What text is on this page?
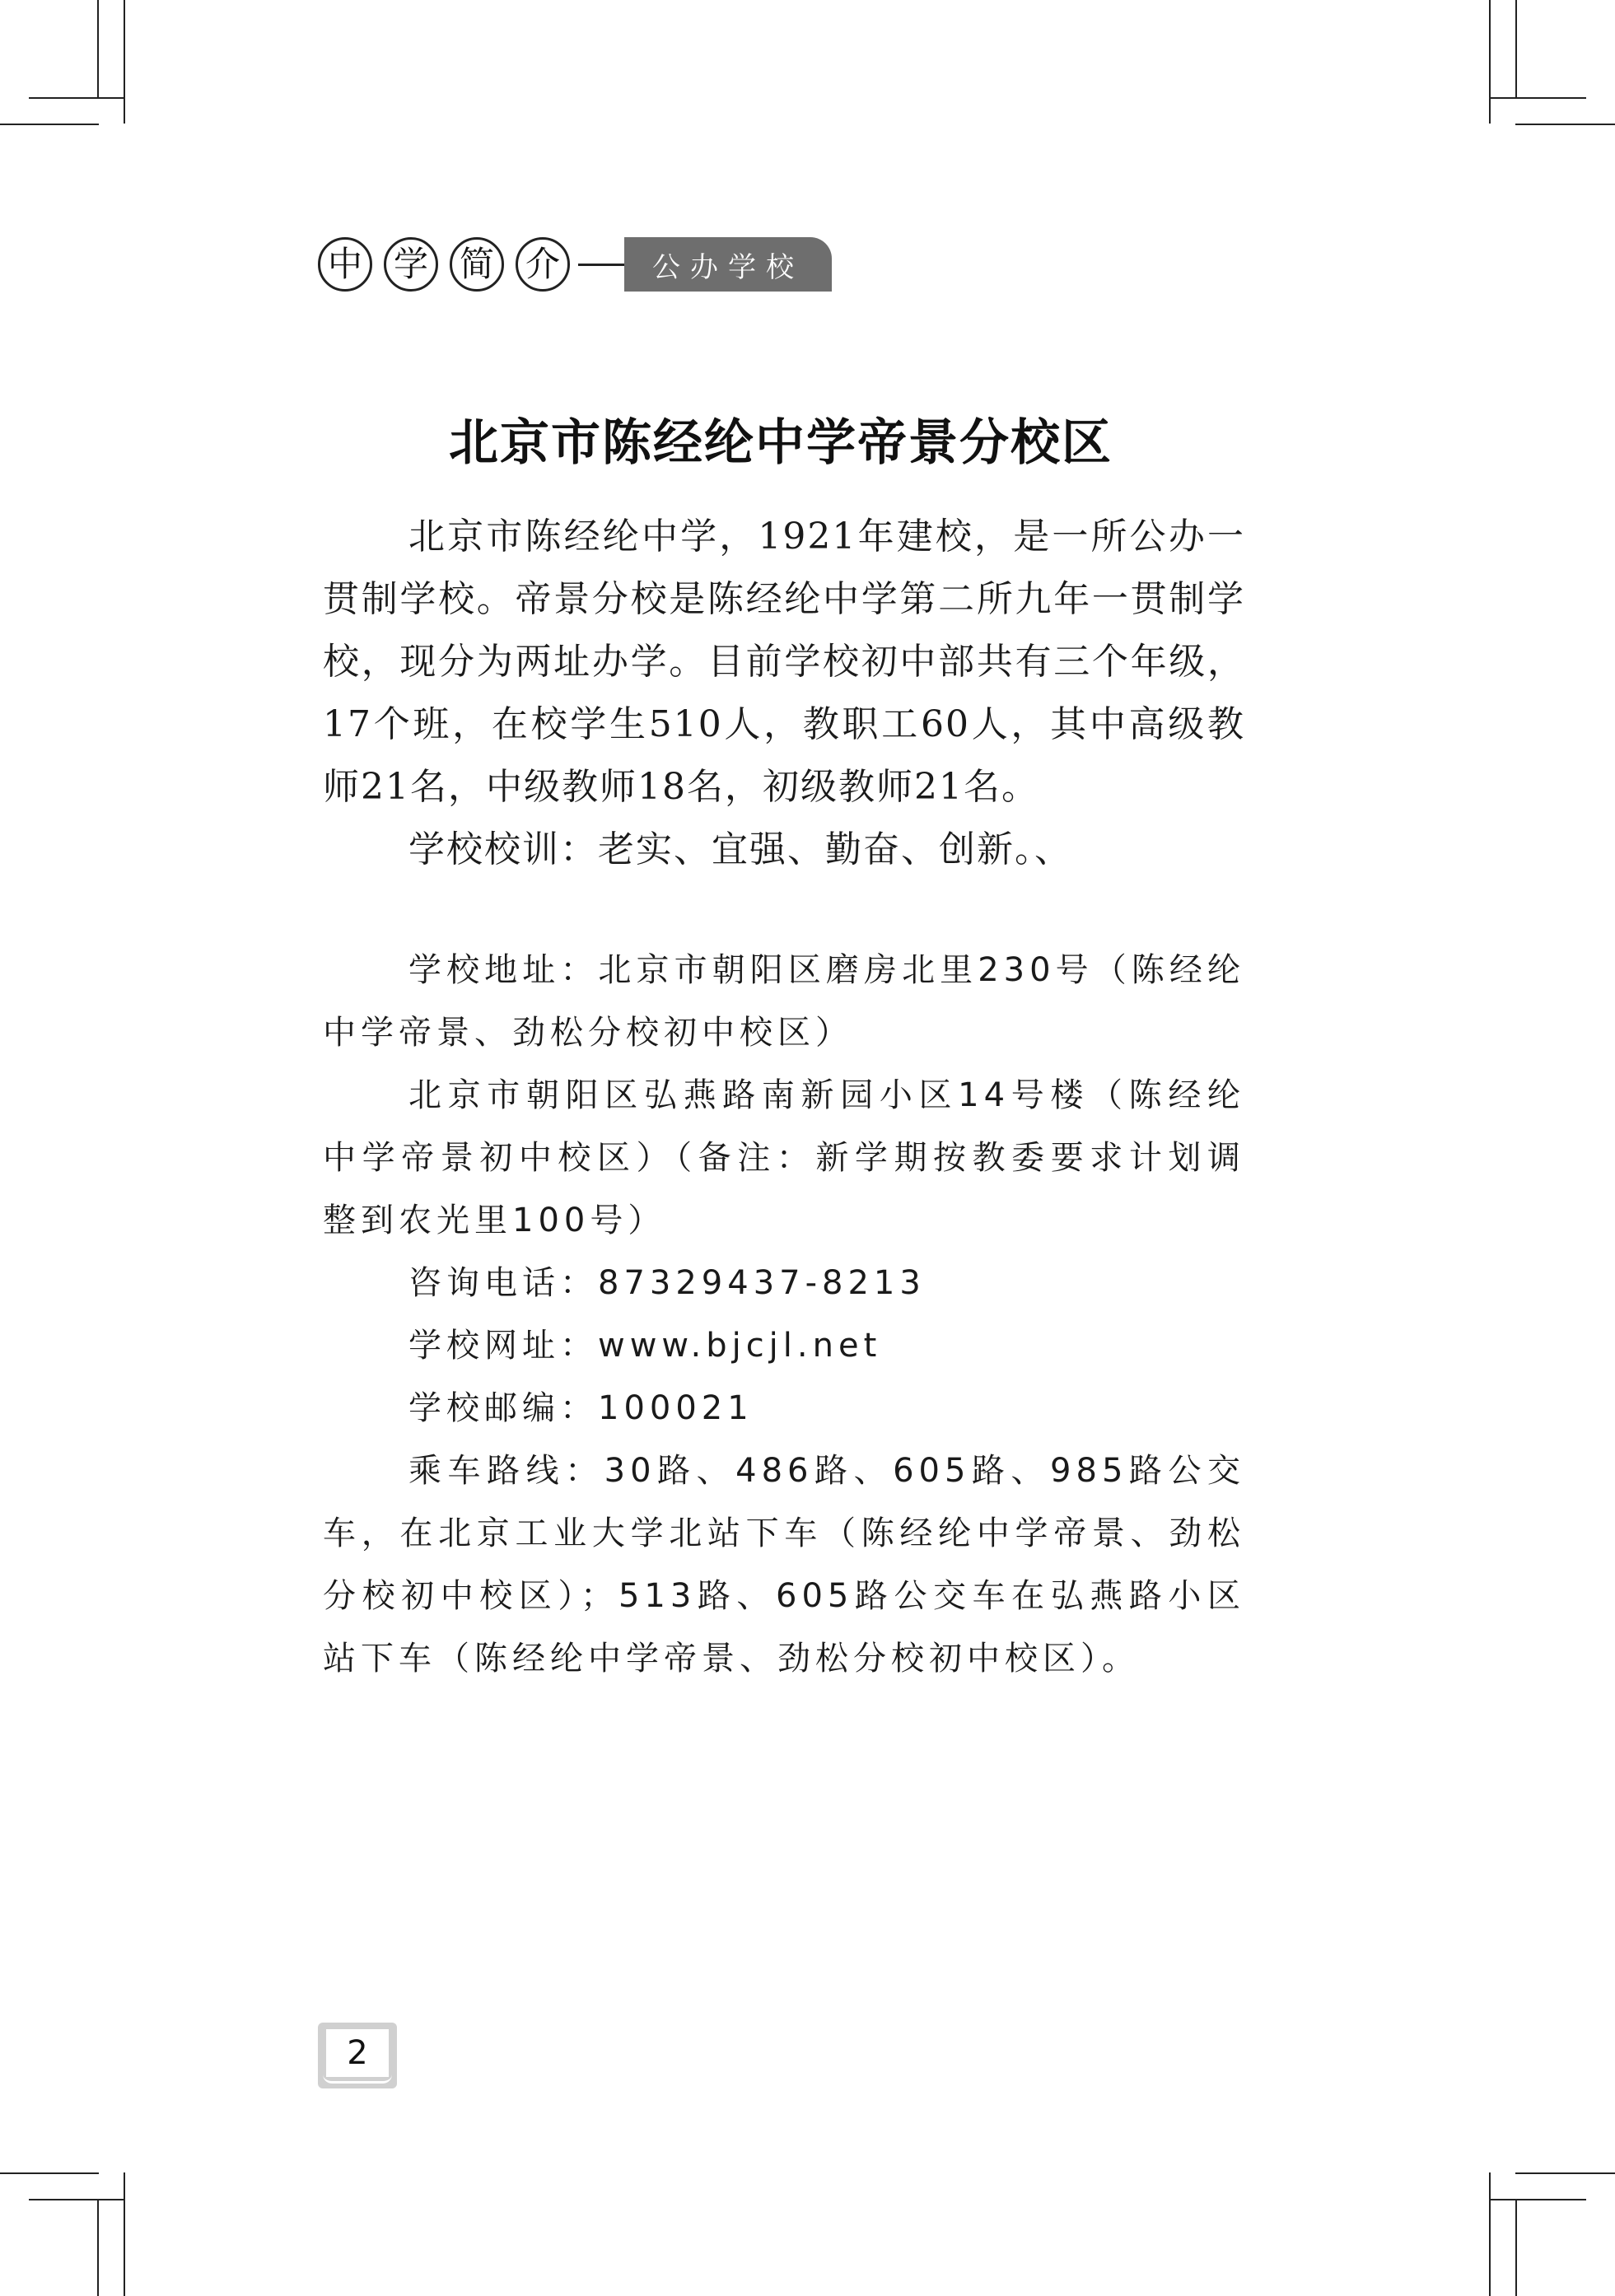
中 学 简 介	公办学校
北京市陈经纶中学帝景分校区

北京市陈经纶中学，1921年建校，是一所公办一贯制学校。帝景分校是陈经纶中学第二所九年一贯制学校，现分为两址办学。目前学校初中部共有三个年级，17个班，在校学生510人，教职工60人，其中高级教师21名，中级教师18名，初级教师21名。

学校校训：老实、宜强、勤奋、创新。、

学校地址：北京市朝阳区磨房北里230号（陈经纶中学帝景、劲松分校初中校区）

北京市朝阳区弘燕路南新园小区14号楼（陈经纶中学帝景初中校区）（备注：新学期按教委要求计划调整到农光里100号）

咨询电话：87329437-8213

学校网址：www.bjcjl.net

学校邮编：100021

乘车路线：30路、486路、605路、985路公交车，在北京工业大学北站下车（陈经纶中学帝景、劲松分校初中校区）；513路、605路公交车在弘燕路小区站下车（陈经纶中学帝景、劲松分校初中校区）。

2
